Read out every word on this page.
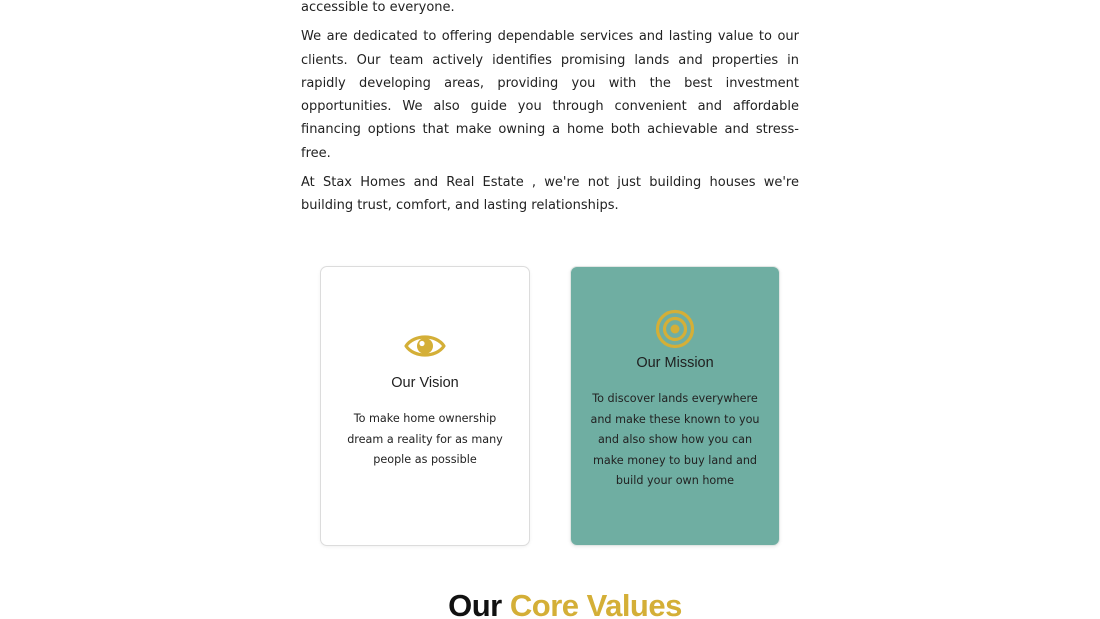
accessible to everyone.

We are dedicated to offering dependable services and lasting value to our clients. Our team actively identifies promising lands and properties in rapidly developing areas, providing you with the best investment opportunities. We also guide you through convenient and affordable financing options that make owning a home both achievable and stress-free.

At Stax Homes and Real Estate , we're not just building houses we're building trust, comfort, and lasting relationships.

Our Vision
To make home ownership dream a reality for as many people as possible
Our Mission
To discover lands everywhere and make these known to you and also show how you can make money to buy land and build your own home
Our Core Values
